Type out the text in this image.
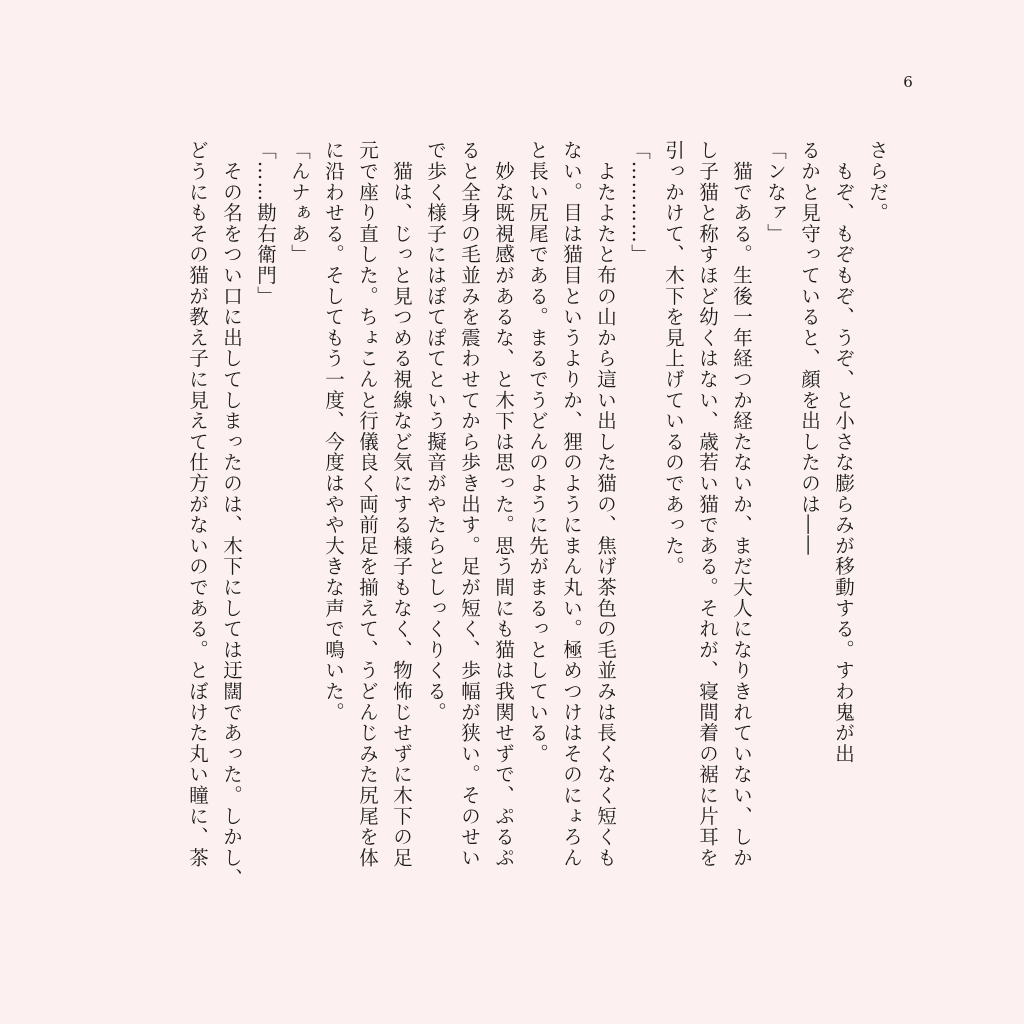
6
さらだ。
　もぞ、もぞもぞ、うぞ、と小さな膨らみが移動する。すわ鬼が出
るかと見守っていると、顔を出したのは――
「ンなァ」
　猫である。生後一年経つか経たないか、まだ大人になりきれていない、しか
し子猫と称すほど幼くはない、歳若い猫である。それが、寝間着の裾に片耳を
引っかけて、木下を見上げているのであった。
「…………」
　よたよたと布の山から這い出した猫の、焦げ茶色の毛並みは長くなく短くも
ない。目は猫目というよりか、狸のようにまん丸い。極めつけはそのにょろん
と長い尻尾である。まるでうどんのように先がまるっとしている。
　妙な既視感があるな、と木下は思った。思う間にも猫は我関せずで、ぷるぷ
ると全身の毛並みを震わせてから歩き出す。足が短く、歩幅が狭い。そのせい
で歩く様子にはぽてぽてという擬音がやたらとしっくりくる。
　猫は、じっと見つめる視線など気にする様子もなく、物怖じせずに木下の足
元で座り直した。ちょこんと行儀良く両前足を揃えて、うどんじみた尻尾を体
に沿わせる。そしてもう一度、今度はやや大きな声で鳴いた。
「んナぁあ」
「……勘右衛門」
　その名をつい口に出してしまったのは、木下にしては迂闊であった。しかし、
どうにもその猫が教え子に見えて仕方がないのである。とぼけた丸い瞳に、茶
